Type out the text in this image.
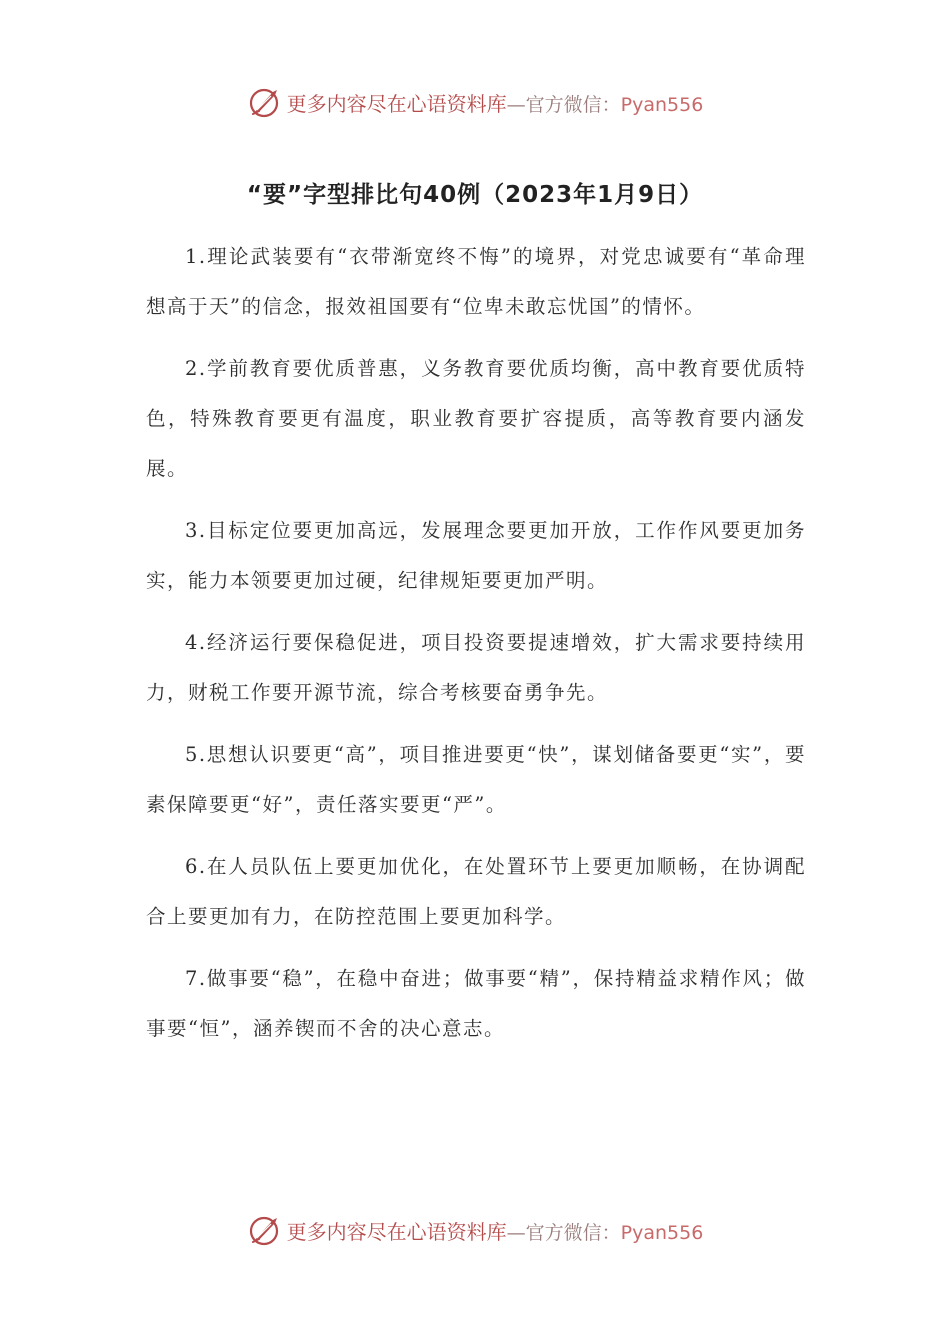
更多内容尽在心语资料库—官方微信：Pyan556
“要”字型排比句40例（2023年1月9日）

1.理论武装要有“衣带渐宽终不悔”的境界，对党忠诚要有“革命理想高于天”的信念，报效祖国要有“位卑未敢忘忧国”的情怀。

2.学前教育要优质普惠，义务教育要优质均衡，高中教育要优质特色，特殊教育要更有温度，职业教育要扩容提质，高等教育要内涵发展。

3.目标定位要更加高远，发展理念要更加开放，工作作风要更加务实，能力本领要更加过硬，纪律规矩要更加严明。

4.经济运行要保稳促进，项目投资要提速增效，扩大需求要持续用力，财税工作要开源节流，综合考核要奋勇争先。

5.思想认识要更“高”，项目推进要更“快”，谋划储备要更“实”，要素保障要更“好”，责任落实要更“严”。

6.在人员队伍上要更加优化，在处置环节上要更加顺畅，在协调配合上要更加有力，在防控范围上要更加科学。

7.做事要“稳”，在稳中奋进；做事要“精”，保持精益求精作风；做事要“恒”，涵养锲而不舍的决心意志。

更多内容尽在心语资料库—官方微信：Pyan556
